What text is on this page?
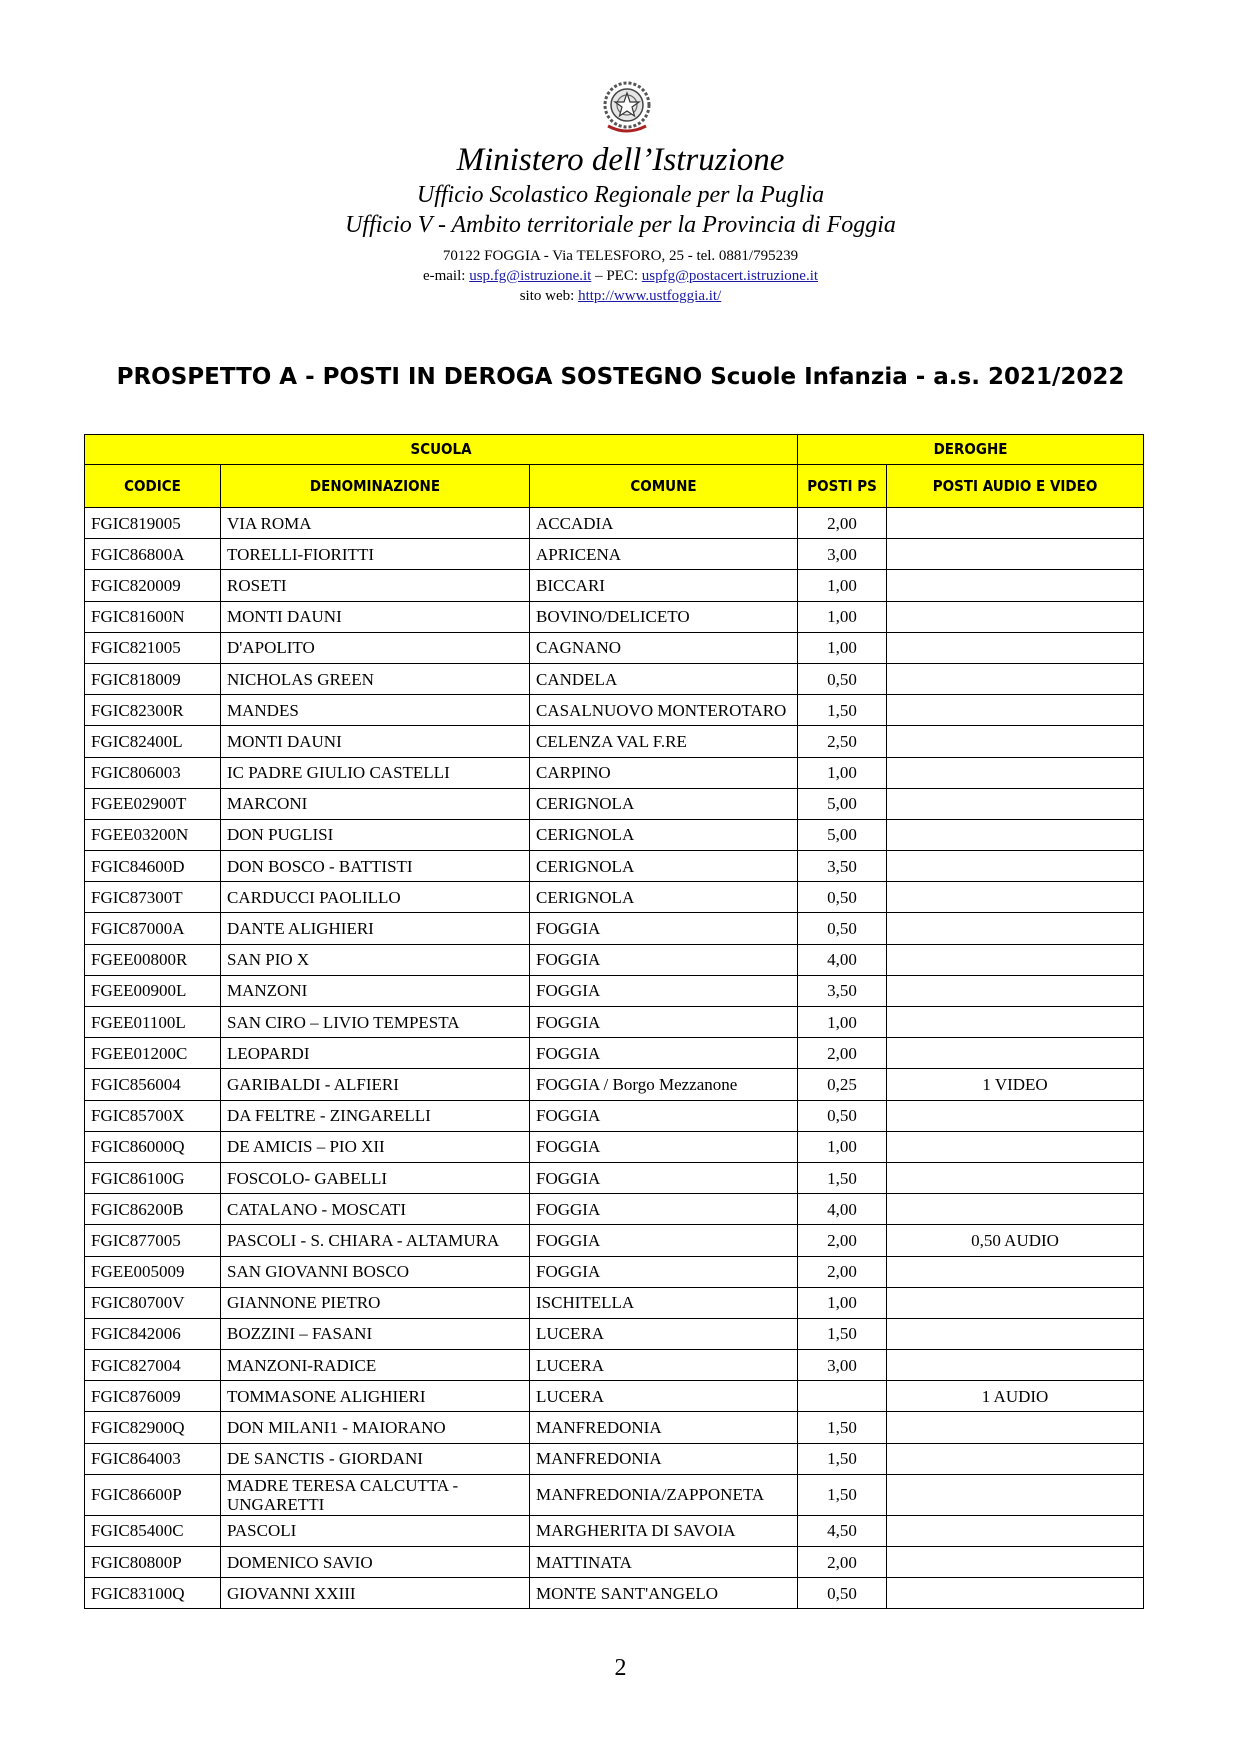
Ministero dell’Istruzione

Ufficio Scolastico Regionale per la Puglia

Ufficio V - Ambito territoriale per la Provincia di Foggia

70122 FOGGIA - Via TELESFORO, 25 - tel. 0881/795239

e-mail: usp.fg@istruzione.it – PEC: uspfg@postacert.istruzione.it

sito web: http://www.ustfoggia.it/

PROSPETTO A - POSTI IN DEROGA SOSTEGNO Scuole Infanzia - a.s. 2021/2022
SCUOLA			DEROGHE	
CODICE	DENOMINAZIONE	COMUNE	POSTI PS	POSTI AUDIO E VIDEO
FGIC819005	VIA ROMA	ACCADIA	2,00	
FGIC86800A	TORELLI-FIORITTI	APRICENA	3,00	
FGIC820009	ROSETI	BICCARI	1,00	
FGIC81600N	MONTI DAUNI	BOVINO/DELICETO	1,00	
FGIC821005	D'APOLITO	CAGNANO	1,00	
FGIC818009	NICHOLAS GREEN	CANDELA	0,50	
FGIC82300R	MANDES	CASALNUOVO MONTEROTARO	1,50	
FGIC82400L	MONTI DAUNI	CELENZA VAL F.RE	2,50	
FGIC806003	IC PADRE GIULIO CASTELLI	CARPINO	1,00	
FGEE02900T	MARCONI	CERIGNOLA	5,00	
FGEE03200N	DON PUGLISI	CERIGNOLA	5,00	
FGIC84600D	DON BOSCO - BATTISTI	CERIGNOLA	3,50	
FGIC87300T	CARDUCCI PAOLILLO	CERIGNOLA	0,50	
FGIC87000A	DANTE ALIGHIERI	FOGGIA	0,50	
FGEE00800R	SAN PIO X	FOGGIA	4,00	
FGEE00900L	MANZONI	FOGGIA	3,50	
FGEE01100L	SAN CIRO – LIVIO TEMPESTA	FOGGIA	1,00	
FGEE01200C	LEOPARDI	FOGGIA	2,00	
FGIC856004	GARIBALDI - ALFIERI	FOGGIA / Borgo Mezzanone	0,25	1 VIDEO
FGIC85700X	DA FELTRE - ZINGARELLI	FOGGIA	0,50	
FGIC86000Q	DE AMICIS – PIO XII	FOGGIA	1,00	
FGIC86100G	FOSCOLO- GABELLI	FOGGIA	1,50	
FGIC86200B	CATALANO - MOSCATI	FOGGIA	4,00	
FGIC877005	PASCOLI - S. CHIARA - ALTAMURA	FOGGIA	2,00	0,50 AUDIO
FGEE005009	SAN GIOVANNI BOSCO	FOGGIA	2,00	
FGIC80700V	GIANNONE PIETRO	ISCHITELLA	1,00	
FGIC842006	BOZZINI – FASANI	LUCERA	1,50	
FGIC827004	MANZONI-RADICE	LUCERA	3,00	
FGIC876009	TOMMASONE ALIGHIERI	LUCERA		1 AUDIO
FGIC82900Q	DON MILANI1 - MAIORANO	MANFREDONIA	1,50	
FGIC864003	DE SANCTIS - GIORDANI	MANFREDONIA	1,50	
FGIC86600P	MADRE TERESA CALCUTTA - UNGARETTI	MANFREDONIA/ZAPPONETA	1,50	
FGIC85400C	PASCOLI	MARGHERITA DI SAVOIA	4,50	
FGIC80800P	DOMENICO SAVIO	MATTINATA	2,00	
FGIC83100Q	GIOVANNI XXIII	MONTE SANT'ANGELO	0,50	
2
